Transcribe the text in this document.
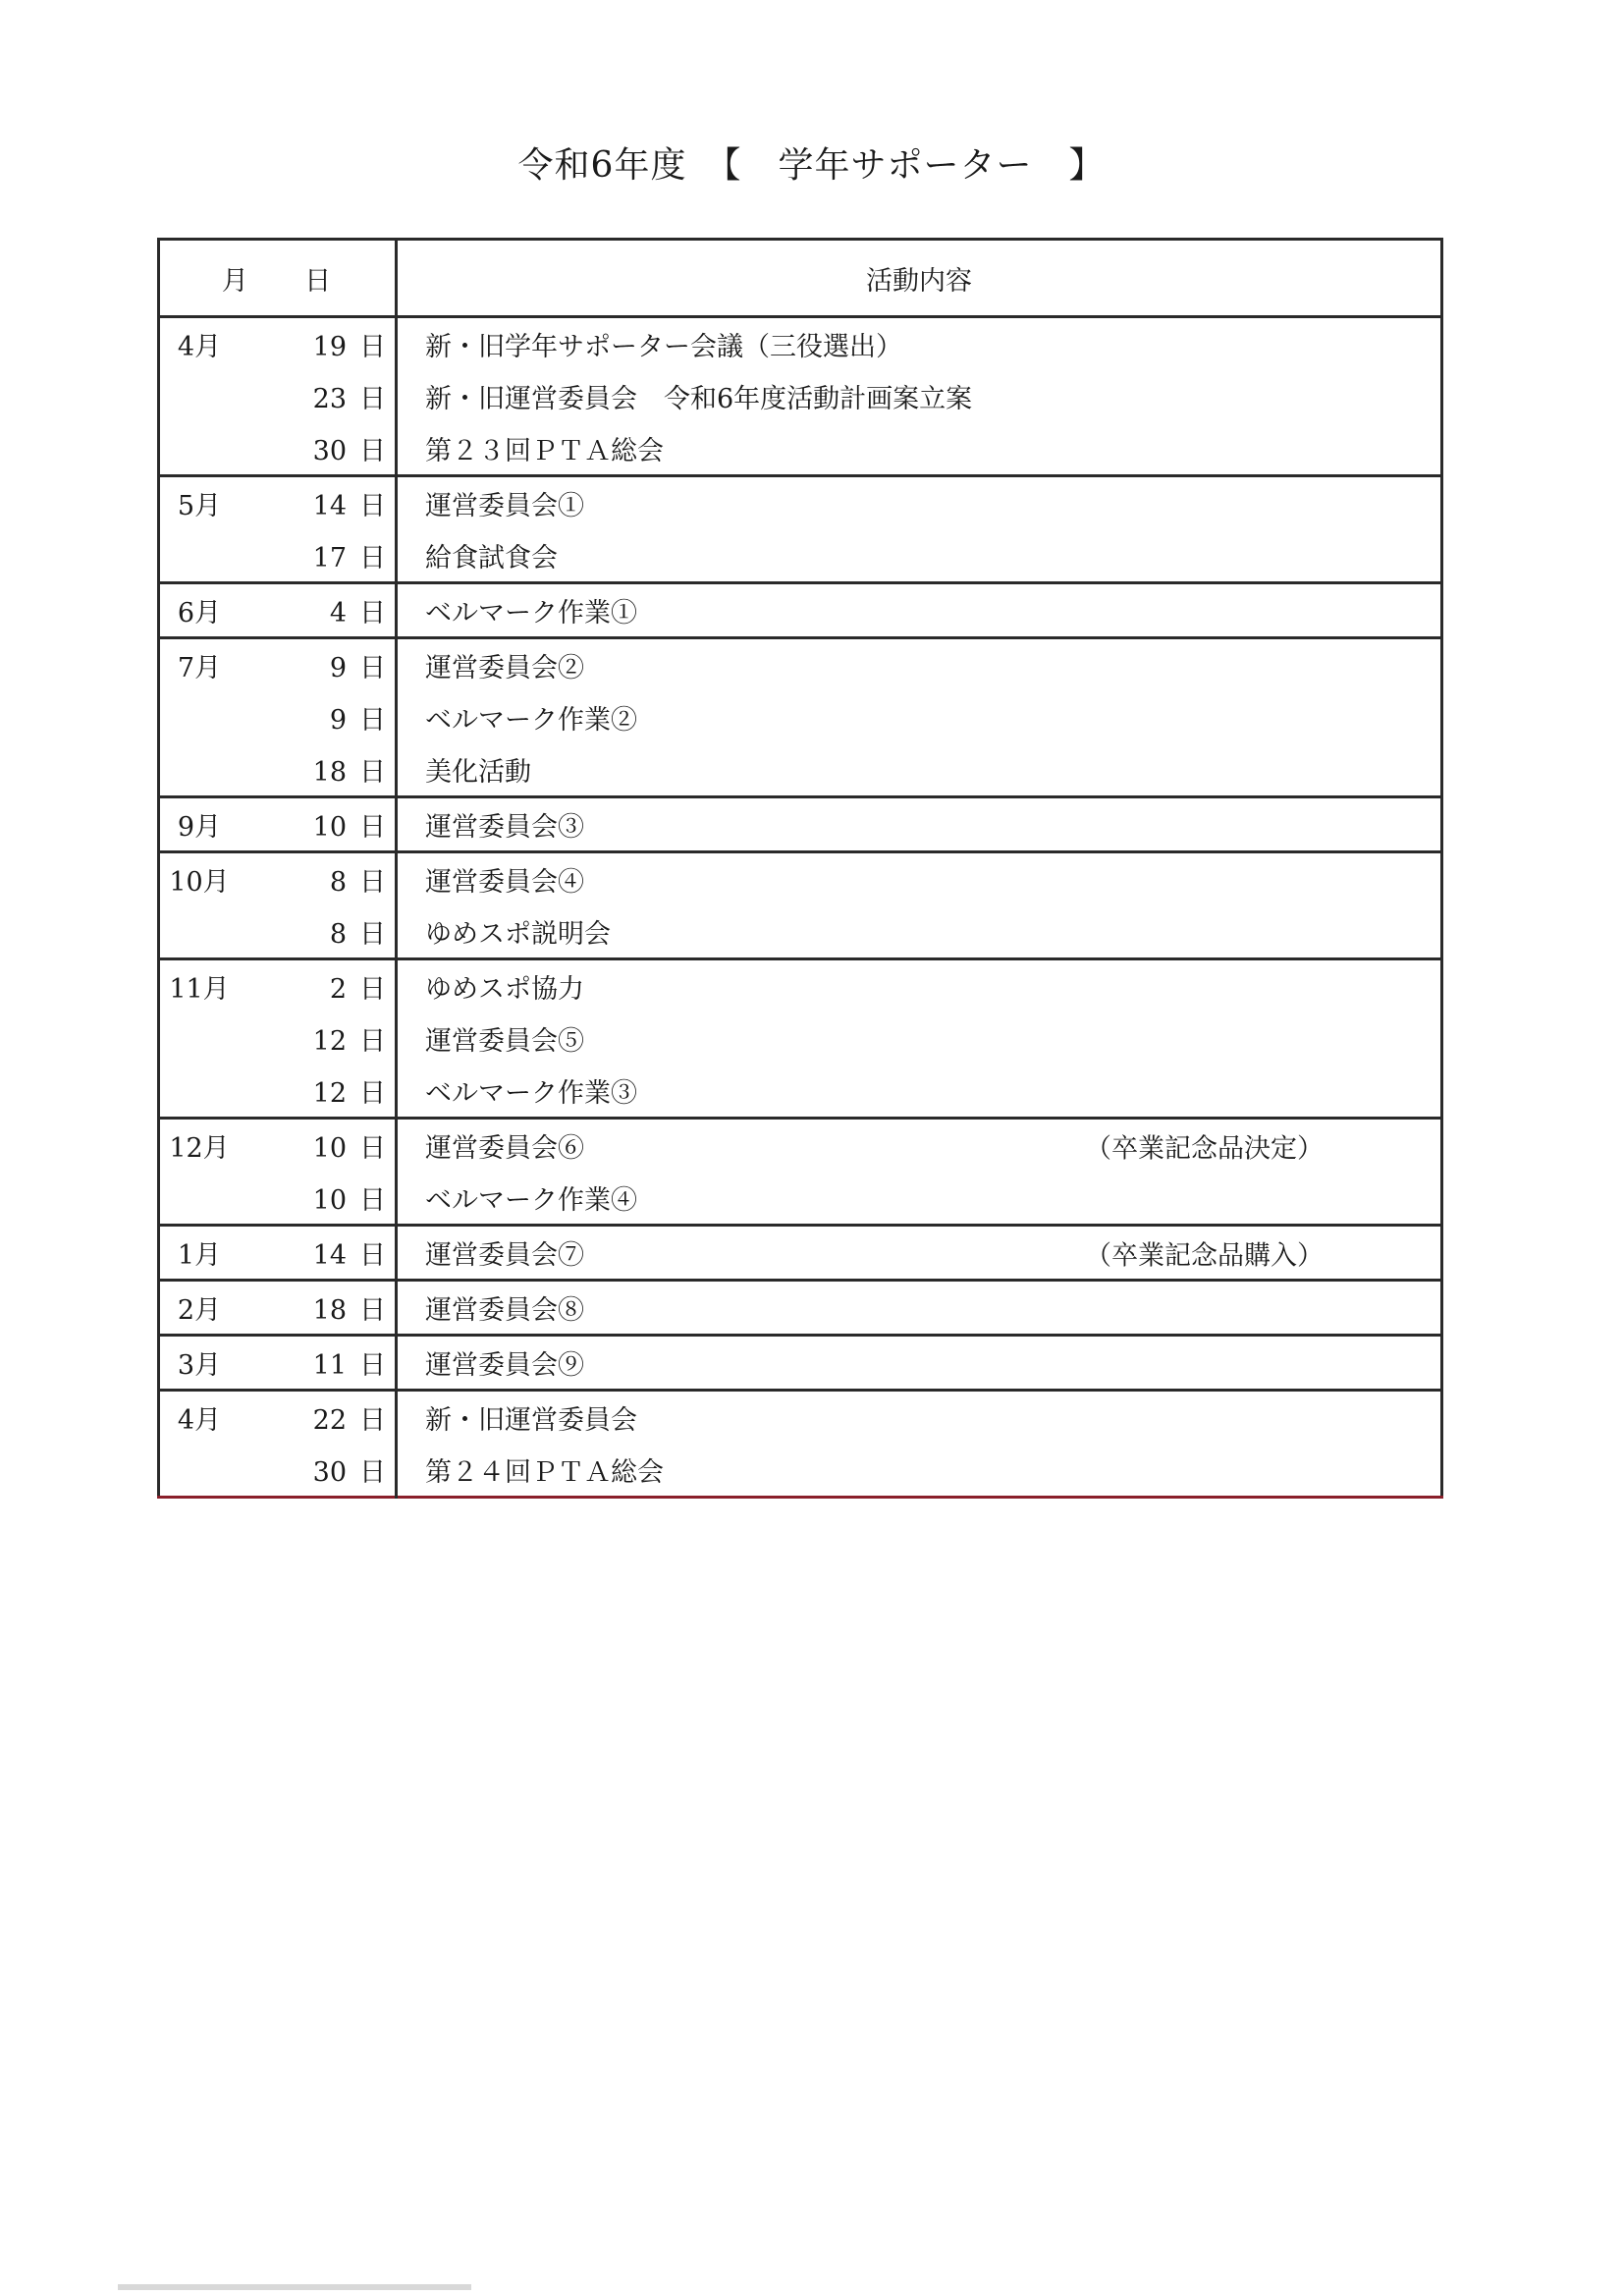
令和6年度　【　学年サポーター　】
月 日	活動内容
4月 19 日	新・旧学年サポーター会議（三役選出）

23 日	新・旧運営委員会　令和6年度活動計画案立案

30 日	第２３回ＰＴＡ総会

5月 14 日	運営委員会①

17 日	給食試食会

6月 4 日	ベルマーク作業①

7月 9 日	運営委員会②

9 日	ベルマーク作業②

18 日	美化活動

9月 10 日	運営委員会③

10月 8 日	運営委員会④

8 日	ゆめスポ説明会

11月 2 日	ゆめスポ協力

12 日	運営委員会⑤

12 日	ベルマーク作業③

12月 10 日	運営委員会⑥ （卒業記念品決定）

10 日	ベルマーク作業④

1月 14 日	運営委員会⑦ （卒業記念品購入）

2月 18 日	運営委員会⑧

3月 11 日	運営委員会⑨

4月 22 日	新・旧運営委員会

30 日	第２４回ＰＴＡ総会
